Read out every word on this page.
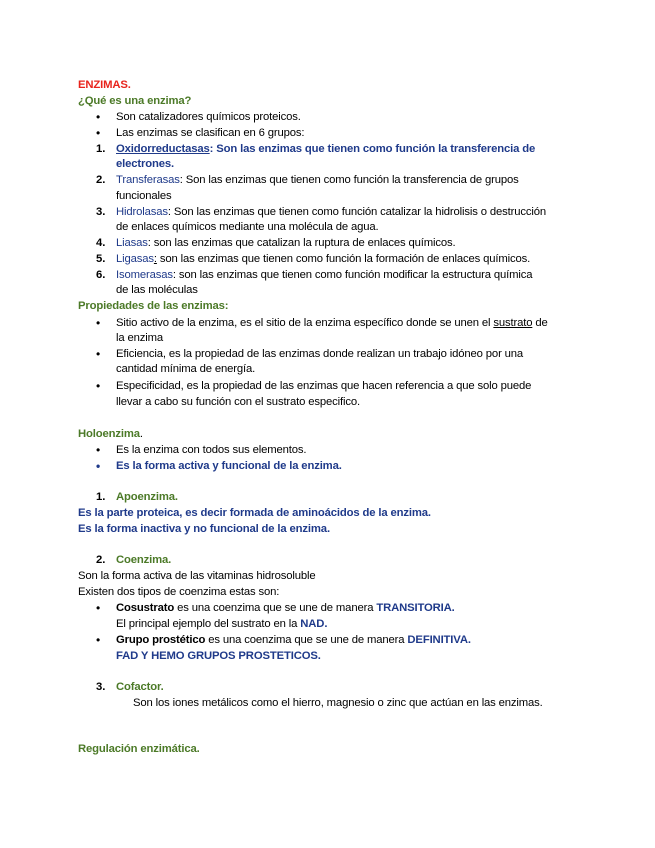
ENZIMAS.
¿Qué es una enzima?
• Son catalizadores químicos proteicos.
• Las enzimas se clasifican en 6 grupos:
1. Oxidorreductasas: Son las enzimas que tienen como función la transferencia de
electrones.
2. Transferasas: Son las enzimas que tienen como función la transferencia de grupos
funcionales
3. Hidrolasas: Son las enzimas que tienen como función catalizar la hidrolisis o destrucción
de enlaces químicos mediante una molécula de agua.
4. Liasas: son las enzimas que catalizan la ruptura de enlaces químicos.
5. Ligasas: son las enzimas que tienen como función la formación de enlaces químicos.
6. Isomerasas: son las enzimas que tienen como función modificar la estructura química
de las moléculas
Propiedades de las enzimas:
• Sitio activo de la enzima, es el sitio de la enzima específico donde se unen el sustrato de
la enzima
• Eficiencia, es la propiedad de las enzimas donde realizan un trabajo idóneo por una
cantidad mínima de energía.
• Especificidad, es la propiedad de las enzimas que hacen referencia a que solo puede
llevar a cabo su función con el sustrato especifico.
Holoenzima.
• Es la enzima con todos sus elementos.
• Es la forma activa y funcional de la enzima.
1. Apoenzima.
Es la parte proteica, es decir formada de aminoácidos de la enzima.
Es la forma inactiva y no funcional de la enzima.
2. Coenzima.
Son la forma activa de las vitaminas hidrosoluble
Existen dos tipos de coenzima estas son:
• Cosustrato es una coenzima que se une de manera TRANSITORIA.
El principal ejemplo del sustrato en la NAD.
• Grupo prostético es una coenzima que se une de manera DEFINITIVA.
FAD Y HEMO GRUPOS PROSTETICOS.
3. Cofactor.
Son los iones metálicos como el hierro, magnesio o zinc que actúan en las enzimas.
Regulación enzimática.
